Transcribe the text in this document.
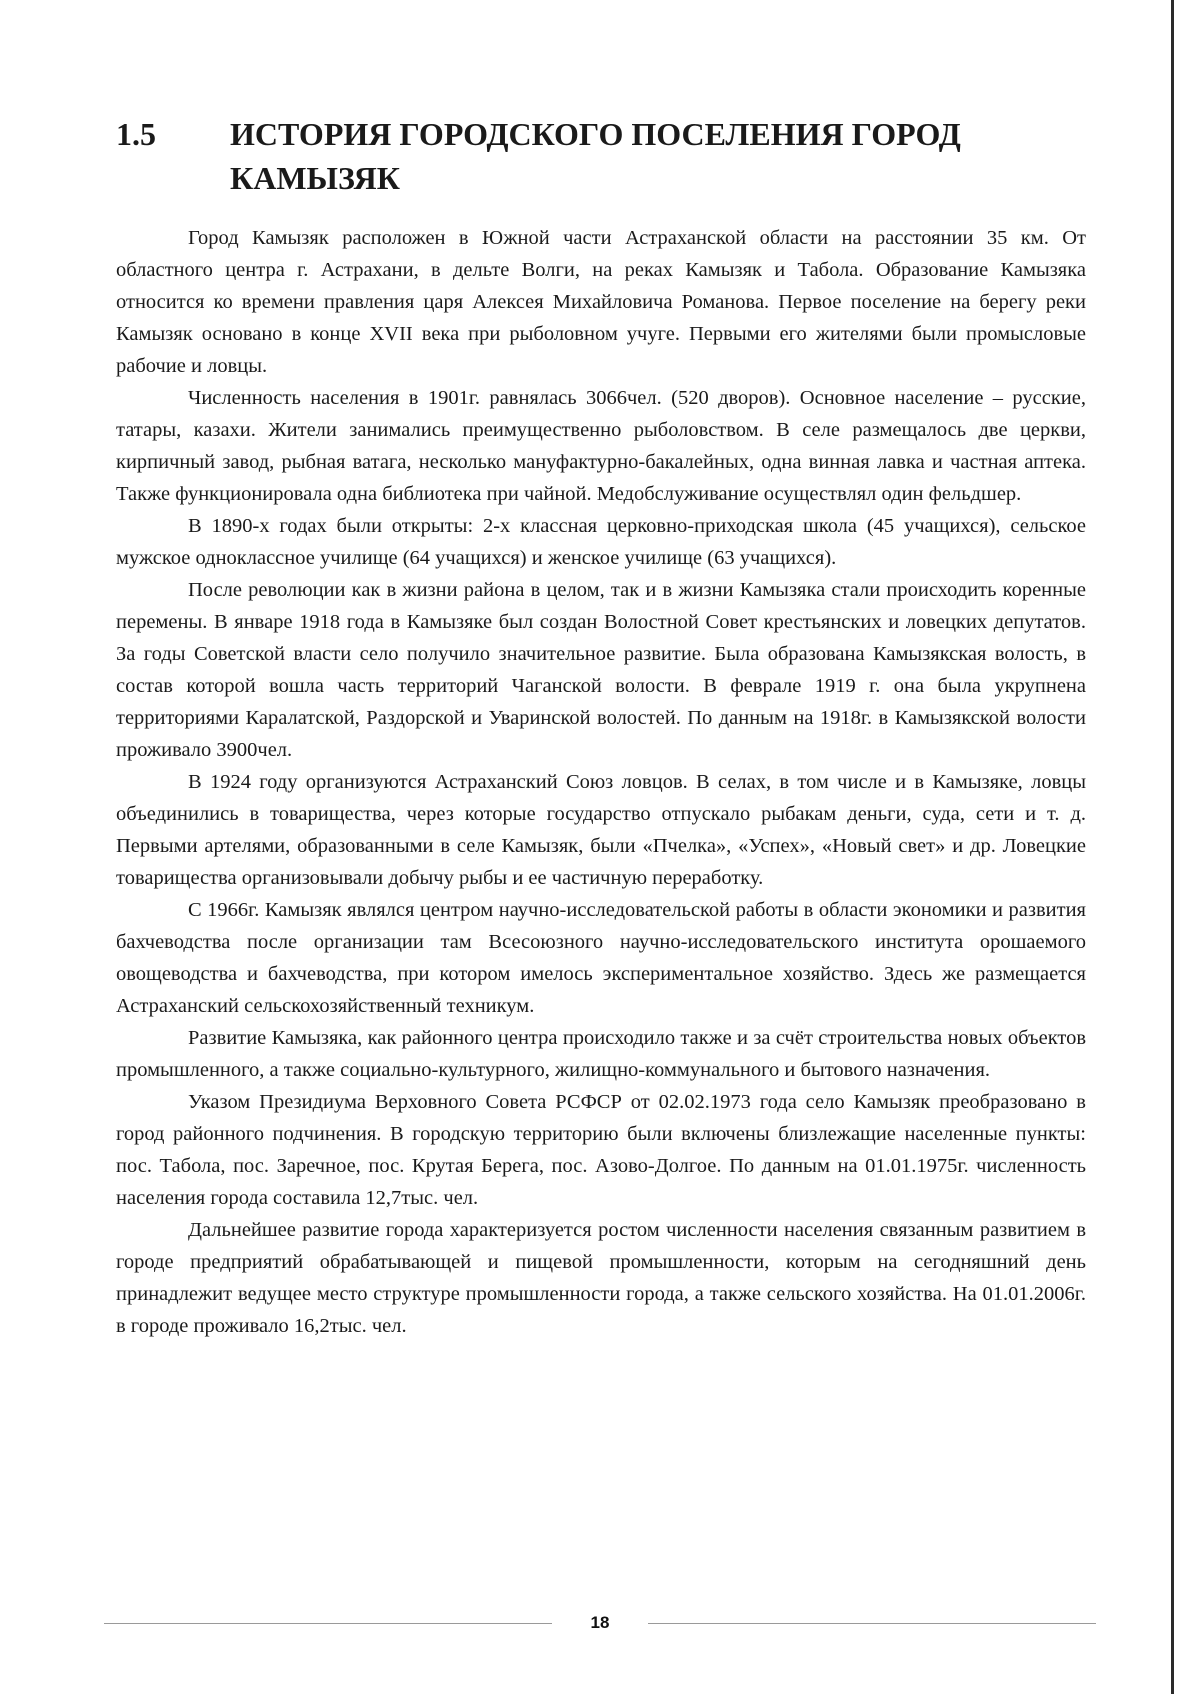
1.5	ИСТОРИЯ ГОРОДСКОГО ПОСЕЛЕНИЯ ГОРОД КАМЫЗЯК

Город Камызяк расположен в Южной части Астраханской области на расстоянии 35 км. От областного центра г. Астрахани, в дельте Волги, на реках Камызяк и Табола. Образование Камызяка относится ко времени правления царя Алексея Михайловича Романова. Первое поселение на берегу реки Камызяк основано в конце XVII века при рыболовном учуге. Первыми его жителями были промысловые рабочие и ловцы.

Численность населения в 1901г. равнялась 3066чел. (520 дворов). Основное население – русские, татары, казахи. Жители занимались преимущественно рыболовством. В селе размещалось две церкви, кирпичный завод, рыбная ватага, несколько мануфактурно-бакалейных, одна винная лавка и частная аптека. Также функционировала одна библиотека при чайной. Медобслуживание осуществлял один фельдшер.

В 1890-х годах были открыты: 2-х классная церковно-приходская школа (45 учащихся), сельское мужское одноклассное училище (64 учащихся) и женское училище (63 учащихся).

После революции как в жизни района в целом, так и в жизни Камызяка стали происходить коренные перемены. В январе 1918 года в Камызяке был создан Волостной Совет крестьянских и ловецких депутатов. За годы Советской власти село получило значительное развитие. Была образована Камызякская волость, в состав которой вошла часть территорий Чаганской волости. В феврале 1919 г. она была укрупнена территориями Каралатской, Раздорской и Уваринской волостей. По данным на 1918г. в Камызякской волости проживало 3900чел.

В 1924 году организуются Астраханский Союз ловцов. В селах, в том числе и в Камызяке, ловцы объединились в товарищества, через которые государство отпускало рыбакам деньги, суда, сети и т. д. Первыми артелями, образованными в селе Камызяк, были «Пчелка», «Успех», «Новый свет» и др. Ловецкие товарищества организовывали добычу рыбы и ее частичную переработку.

С 1966г. Камызяк являлся центром научно-исследовательской работы в области экономики и развития бахчеводства после организации там Всесоюзного научно-исследовательского института орошаемого овощеводства и бахчеводства, при котором имелось экспериментальное хозяйство. Здесь же размещается Астраханский сельскохозяйственный техникум.

Развитие Камызяка, как районного центра происходило также и за счёт строительства новых объектов промышленного, а также социально-культурного, жилищно-коммунального и бытового назначения.

Указом Президиума Верховного Совета РСФСР от 02.02.1973 года село Камызяк преобразовано в город районного подчинения. В городскую территорию были включены близлежащие населенные пункты: пос. Табола, пос. Заречное, пос. Крутая Берега, пос. Азово-Долгое. По данным на 01.01.1975г. численность населения города составила 12,7тыс. чел.

Дальнейшее развитие города характеризуется ростом численности населения связанным развитием в городе предприятий обрабатывающей и пищевой промышленности, которым на сегодняшний день принадлежит ведущее место структуре промышленности города, а также сельского хозяйства. На 01.01.2006г. в городе проживало 16,2тыс. чел.

18
